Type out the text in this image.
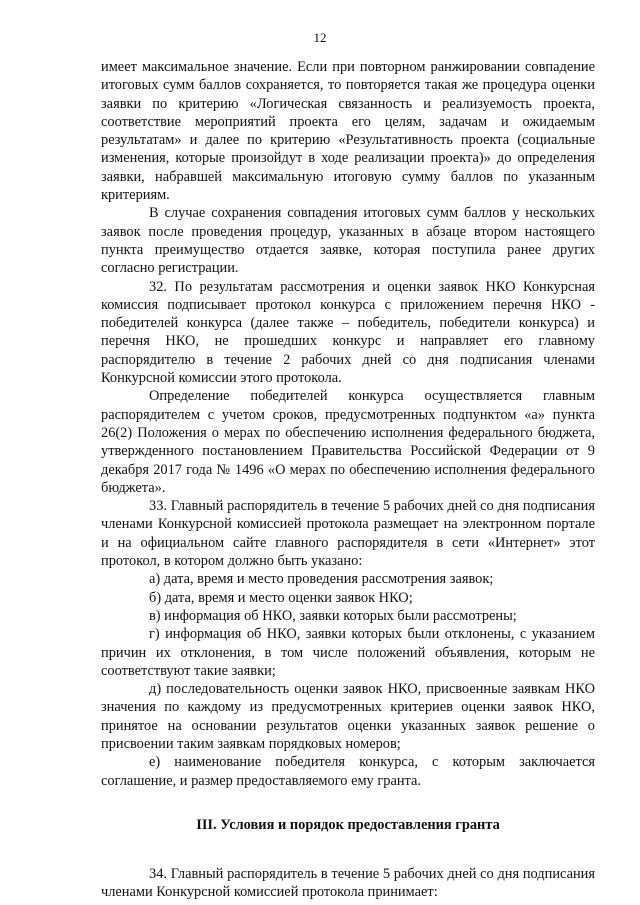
12

имеет максимальное значение. Если при повторном ранжировании совпадение итоговых сумм баллов сохраняется, то повторяется такая же процедура оценки заявки по критерию «Логическая связанность и реализуемость проекта, соответствие мероприятий проекта его целям, задачам и ожидаемым результатам» и далее по критерию «Результативность проекта (социальные изменения, которые произойдут в ходе реализации проекта)» до определения заявки, набравшей максимальную итоговую сумму баллов по указанным критериям.

В случае сохранения совпадения итоговых сумм баллов у нескольких заявок после проведения процедур, указанных в абзаце втором настоящего пункта преимущество отдается заявке, которая поступила ранее других согласно регистрации.

32. По результатам рассмотрения и оценки заявок НКО Конкурсная комиссия подписывает протокол конкурса с приложением перечня НКО - победителей конкурса (далее также – победитель, победители конкурса) и перечня НКО, не прошедших конкурс и направляет его главному распорядителю в течение 2 рабочих дней со дня подписания членами Конкурсной комиссии этого протокола.

Определение победителей конкурса осуществляется главным распорядителем с учетом сроков, предусмотренных подпунктом «а» пункта 26(2) Положения о мерах по обеспечению исполнения федерального бюджета, утвержденного постановлением Правительства Российской Федерации от 9 декабря 2017 года № 1496 «О мерах по обеспечению исполнения федерального бюджета».

33. Главный распорядитель в течение 5 рабочих дней со дня подписания членами Конкурсной комиссией протокола размещает на электронном портале и на официальном сайте главного распорядителя в сети «Интернет» этот протокол, в котором должно быть указано:

а) дата, время и место проведения рассмотрения заявок;

б) дата, время и место оценки заявок НКО;

в) информация об НКО, заявки которых были рассмотрены;

г) информация об НКО, заявки которых были отклонены, с указанием причин их отклонения, в том числе положений объявления, которым не соответствуют такие заявки;

д) последовательность оценки заявок НКО, присвоенные заявкам НКО значения по каждому из предусмотренных критериев оценки заявок НКО, принятое на основании результатов оценки указанных заявок решение о присвоении таким заявкам порядковых номеров;

е) наименование победителя конкурса, с которым заключается соглашение, и размер предоставляемого ему гранта.

III. Условия и порядок предоставления гранта

34. Главный распорядитель в течение 5 рабочих дней со дня подписания членами Конкурсной комиссией протокола принимает:
